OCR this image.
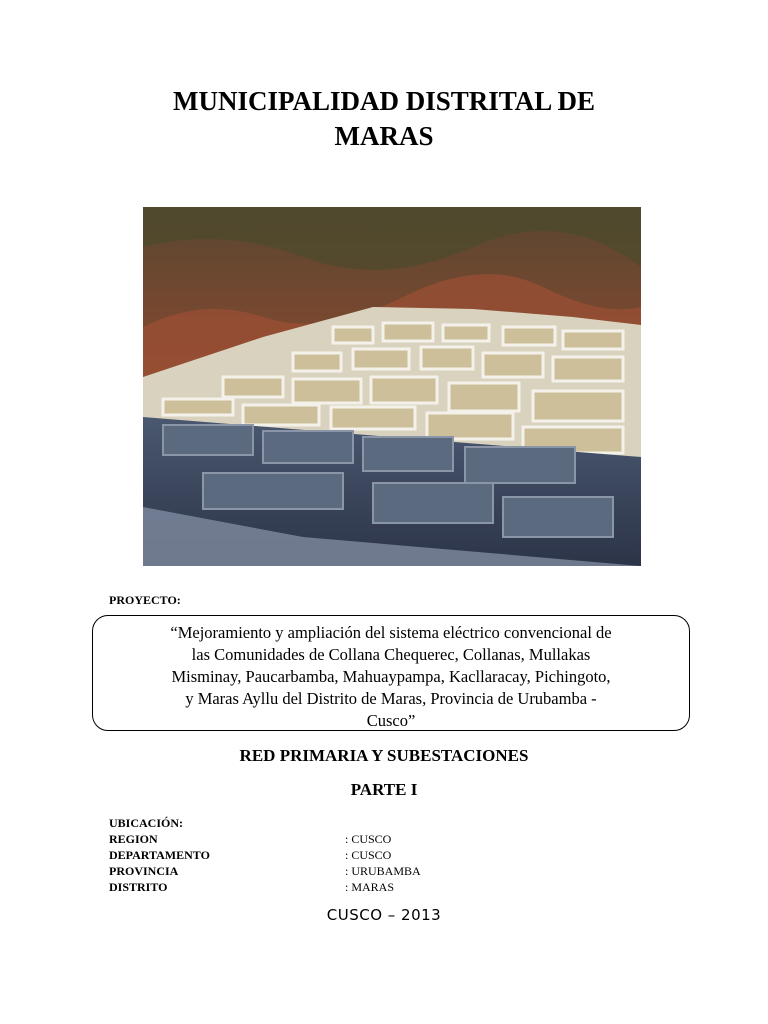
MUNICIPALIDAD DISTRITAL DE
MARAS
PROYECTO:
“Mejoramiento y ampliación del sistema eléctrico convencional de
las Comunidades de Collana Chequerec, Collanas, Mullakas
Misminay, Paucarbamba, Mahuaypampa, Kacllaracay, Pichingoto,
y Maras Ayllu del Distrito de Maras, Provincia de Urubamba -
Cusco”
RED PRIMARIA Y SUBESTACIONES
PARTE I
UBICACIÓN:
REGION	: CUSCO
DEPARTAMENTO	: CUSCO
PROVINCIA	: URUBAMBA
DISTRITO	: MARAS
CUSCO – 2013
